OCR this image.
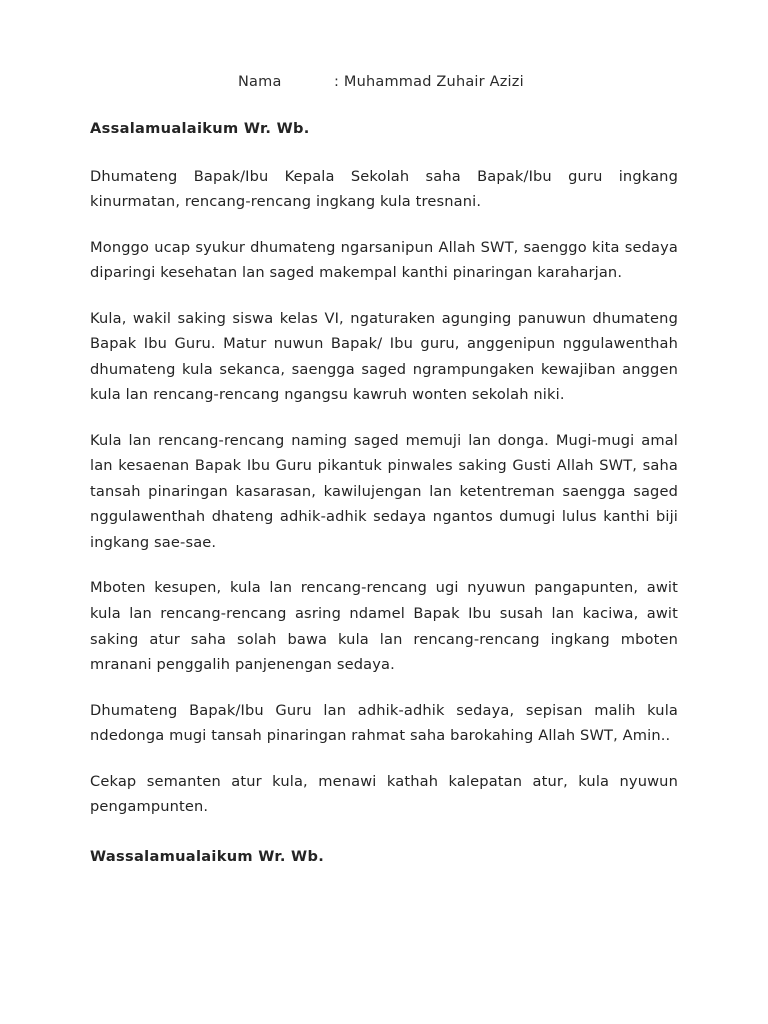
Nama	: Muhammad Zuhair Azizi

Assalamualaikum Wr. Wb.

Dhumateng Bapak/Ibu Kepala Sekolah saha Bapak/Ibu guru ingkang kinurmatan, rencang-rencang ingkang kula tresnani.

Monggo ucap syukur dhumateng ngarsanipun Allah SWT, saenggo kita sedaya diparingi kesehatan lan saged makempal kanthi pinaringan karaharjan.

Kula, wakil saking siswa kelas VI, ngaturaken agunging panuwun dhumateng Bapak Ibu Guru. Matur nuwun Bapak/ Ibu guru, anggenipun nggulawenthah dhumateng kula sekanca, saengga saged ngrampungaken kewajiban anggen kula lan rencang-rencang ngangsu kawruh wonten sekolah niki.

Kula lan rencang-rencang naming saged memuji lan donga. Mugi-mugi amal lan kesaenan Bapak Ibu Guru pikantuk pinwales saking Gusti Allah SWT, saha tansah pinaringan kasarasan, kawilujengan lan ketentreman saengga saged nggulawenthah dhateng adhik-adhik sedaya ngantos dumugi lulus kanthi biji ingkang sae-sae.

Mboten kesupen, kula lan rencang-rencang ugi nyuwun pangapunten, awit kula lan rencang-rencang asring ndamel Bapak Ibu susah lan kaciwa, awit saking atur saha solah bawa kula lan rencang-rencang ingkang mboten mranani penggalih panjenengan sedaya.

Dhumateng Bapak/Ibu Guru lan adhik-adhik sedaya, sepisan malih kula ndedonga mugi tansah pinaringan rahmat saha barokahing Allah SWT, Amin..

Cekap semanten atur kula, menawi kathah kalepatan atur, kula nyuwun pengampunten.

Wassalamualaikum Wr. Wb.
